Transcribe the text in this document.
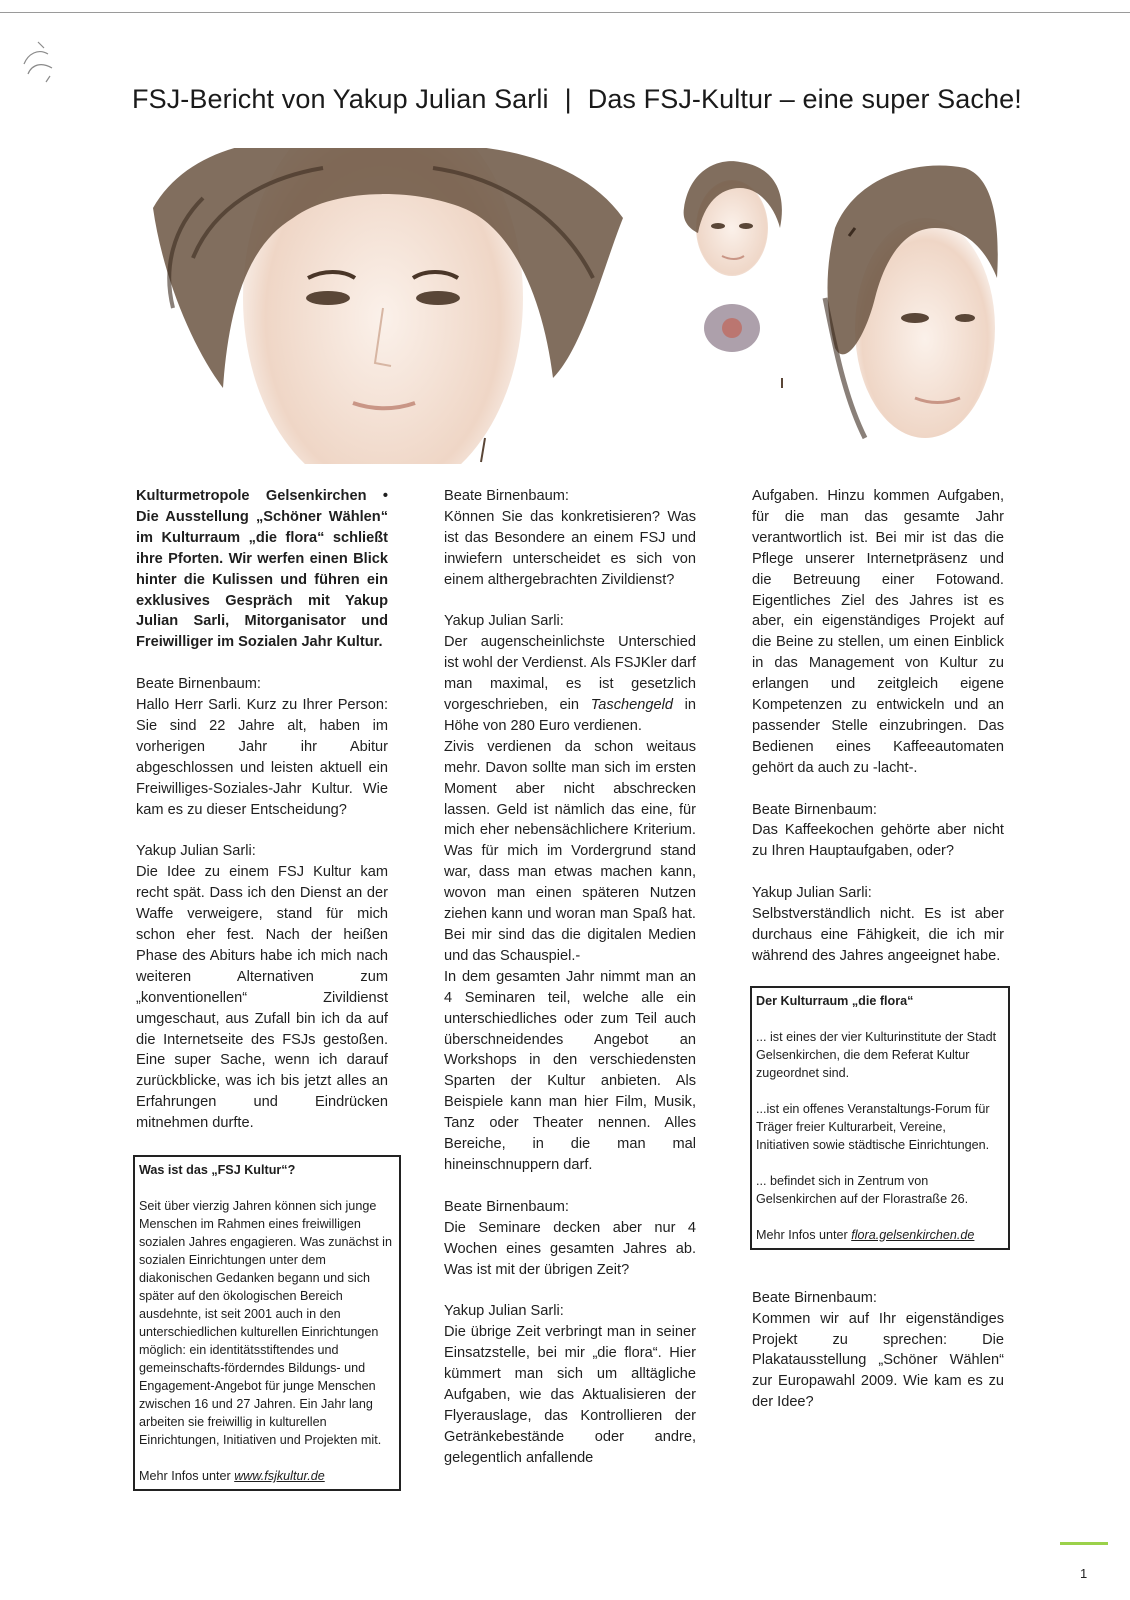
FSJ-Bericht von Yakup Julian Sarli | Das FSJ-Kultur – eine super Sache!

Kulturmetropole Gelsenkirchen • Die Ausstellung „Schöner Wählen“ im Kulturraum „die flora“ schließt ihre Pforten. Wir werfen einen Blick hinter die Kulissen und führen ein exklusives Gespräch mit Yakup Julian Sarli, Mitorganisator und Freiwilliger im Sozialen Jahr Kultur.

Beate Birnenbaum:
Hallo Herr Sarli. Kurz zu Ihrer Person: Sie sind 22 Jahre alt, haben im vorherigen Jahr ihr Abitur abgeschlossen und leisten aktuell ein Freiwilliges-Soziales-Jahr Kultur. Wie kam es zu dieser Entscheidung?

Yakup Julian Sarli:
Die Idee zu einem FSJ Kultur kam recht spät. Dass ich den Dienst an der Waffe verweigere, stand für mich schon eher fest. Nach der heißen Phase des Abiturs habe ich mich nach weiteren Alternativen zum „konventionellen“ Zivildienst umgeschaut, aus Zufall bin ich da auf die Internetseite des FSJs gestoßen. Eine super Sache, wenn ich darauf zurückblicke, was ich bis jetzt alles an Erfahrungen und Eindrücken mitnehmen durfte.

Was ist das „FSJ Kultur“?

Seit über vierzig Jahren können sich junge Menschen im Rahmen eines freiwilligen sozialen Jahres engagieren. Was zunächst in sozialen Einrichtungen unter dem diakonischen Gedanken begann und sich später auf den ökologischen Bereich ausdehnte, ist seit 2001 auch in den unterschiedlichen kulturellen Einrichtungen möglich: ein identitätsstiftendes und gemeinschafts-förderndes Bildungs- und Engagement-Angebot für junge Menschen zwischen 16 und 27 Jahren. Ein Jahr lang arbeiten sie freiwillig in kulturellen Einrichtungen, Initiativen und Projekten mit.

Mehr Infos unter www.fsjkultur.de

Beate Birnenbaum:
Können Sie das konkretisieren? Was ist das Besondere an einem FSJ und inwiefern unterscheidet es sich von einem althergebrachten Zivildienst?

Yakup Julian Sarli:
Der augenscheinlichste Unterschied ist wohl der Verdienst. Als FSJKler darf man maximal, es ist gesetzlich vorgeschrieben, ein Taschengeld in Höhe von 280 Euro verdienen.

Zivis verdienen da schon weitaus mehr. Davon sollte man sich im ersten Moment aber nicht abschrecken lassen. Geld ist nämlich das eine, für mich eher nebensächlichere Kriterium. Was für mich im Vordergrund stand war, dass man etwas machen kann, wovon man einen späteren Nutzen ziehen kann und woran man Spaß hat. Bei mir sind das die digitalen Medien und das Schauspiel.-

In dem gesamten Jahr nimmt man an 4 Seminaren teil, welche alle ein unterschiedliches oder zum Teil auch überschneidendes Angebot an Workshops in den verschiedensten Sparten der Kultur anbieten. Als Beispiele kann man hier Film, Musik, Tanz oder Theater nennen. Alles Bereiche, in die man mal hineinschnuppern darf.

Beate Birnenbaum:
Die Seminare decken aber nur 4 Wochen eines gesamten Jahres ab. Was ist mit der übrigen Zeit?

Yakup Julian Sarli:
Die übrige Zeit verbringt man in seiner Einsatzstelle, bei mir „die flora“. Hier kümmert man sich um alltägliche Aufgaben, wie das Aktualisieren der Flyerauslage, das Kontrollieren der Getränkebestände oder andre, gelegentlich anfallende

Aufgaben. Hinzu kommen Aufgaben, für die man das gesamte Jahr verantwortlich ist. Bei mir ist das die Pflege unserer Internetpräsenz und die Betreuung einer Fotowand. Eigentliches Ziel des Jahres ist es aber, ein eigenständiges Projekt auf die Beine zu stellen, um einen Einblick in das Management von Kultur zu erlangen und zeitgleich eigene Kompetenzen zu entwickeln und an passender Stelle einzubringen. Das Bedienen eines Kaffeeautomaten gehört da auch zu -lacht-.

Beate Birnenbaum:
Das Kaffeekochen gehörte aber nicht zu Ihren Hauptaufgaben, oder?

Yakup Julian Sarli:
Selbstverständlich nicht. Es ist aber durchaus eine Fähigkeit, die ich mir während des Jahres angeeignet habe.

Der Kulturraum „die flora“

... ist eines der vier Kulturinstitute der Stadt Gelsenkirchen, die dem Referat Kultur zugeordnet sind.

...ist ein offenes Veranstaltungs-Forum für Träger freier Kulturarbeit, Vereine, Initiativen sowie städtische Einrichtungen.

... befindet sich in Zentrum von Gelsenkirchen auf der Florastraße 26.

Mehr Infos unter flora.gelsenkirchen.de

Beate Birnenbaum:
Kommen wir auf Ihr eigenständiges Projekt zu sprechen: Die Plakatausstellung „Schöner Wählen“ zur Europawahl 2009. Wie kam es zu der Idee?

1
